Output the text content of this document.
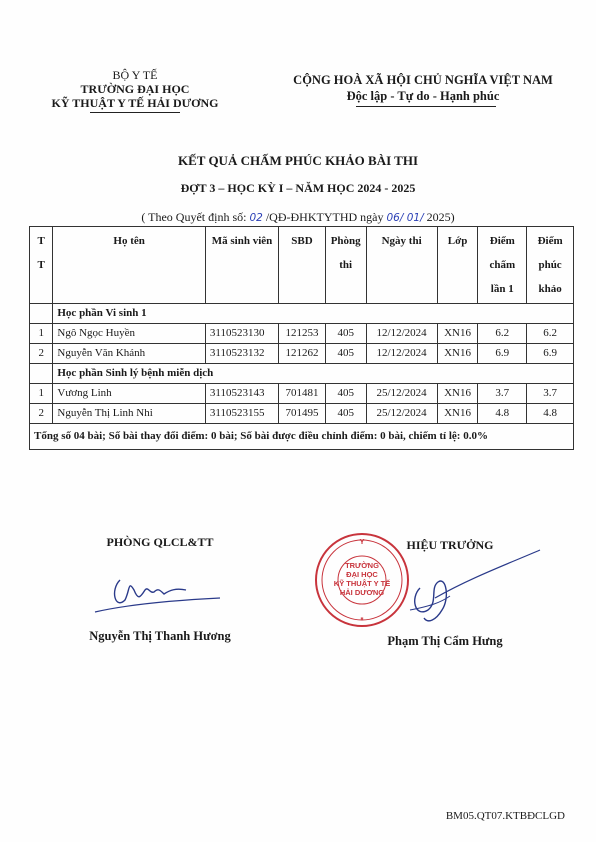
BỘ Y TẾ
TRƯỜNG ĐẠI HỌC
KỸ THUẬT Y TẾ HẢI DƯƠNG
CỘNG HOÀ XÃ HỘI CHỦ NGHĨA VIỆT NAM
Độc lập - Tự do - Hạnh phúc
KẾT QUẢ CHẤM PHÚC KHẢO BÀI THI
ĐỢT 3 – HỌC KỲ I – NĂM HỌC 2024 - 2025
( Theo Quyết định số: 02 /QĐ-ĐHKTYTHD ngày 06/ 01/ 2025)
TT	Họ tên	Mã sinh viên	SBD	Phòng thi	Ngày thi	Lớp	Điểm chấm lần 1	Điểm phúc khảo
	Học phần Vi sinh 1							
1	Ngô Ngọc Huyền	3110523130	121253	405	12/12/2024	XN16	6.2	6.2
2	Nguyễn Văn Khánh	3110523132	121262	405	12/12/2024	XN16	6.9	6.9
	Học phần Sinh lý bệnh miễn dịch							
1	Vương Linh	3110523143	701481	405	25/12/2024	XN16	3.7	3.7
2	Nguyễn Thị Linh Nhi	3110523155	701495	405	25/12/2024	XN16	4.8	4.8
Tổng số 04 bài; Số bài thay đổi điểm: 0 bài; Số bài được điều chỉnh điểm: 0 bài, chiếm tỉ lệ: 0.0%								
PHÒNG QLCL&TT
Nguyễn Thị Thanh Hương
Y
TRƯỜNG
ĐẠI HỌC
KỸ THUẬT Y TẾ
HẢI DƯƠNG
*
HIỆU TRƯỞNG
Phạm Thị Cẩm Hưng
BM05.QT07.KTBĐCLGD
